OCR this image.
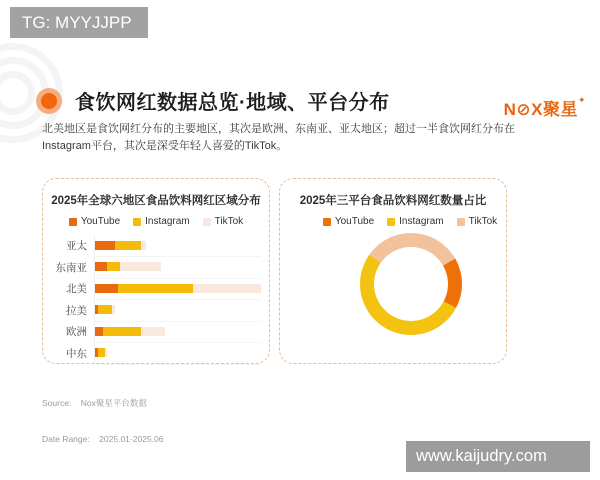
TG: MYYJJPP
食饮网红数据总览·地域、平台分布	N⊘X聚星✦

北美地区是食饮网红分布的主要地区，其次是欧洲、东南亚、亚太地区；超过一半食饮网红分布在Instagram平台，其次是深受年轻人喜爱的TikTok。

2025年全球六地区食品饮料网红区域分布
YouTube	Instagram	TikTok
亚太
东南亚
北美
拉美
欧洲
中东
2025年三平台食品饮料网红数量占比
YouTube	Instagram	TikTok

Source:    Nox聚星平台数据

Date Range:    2025.01-2025.06

www.kaijudry.com
